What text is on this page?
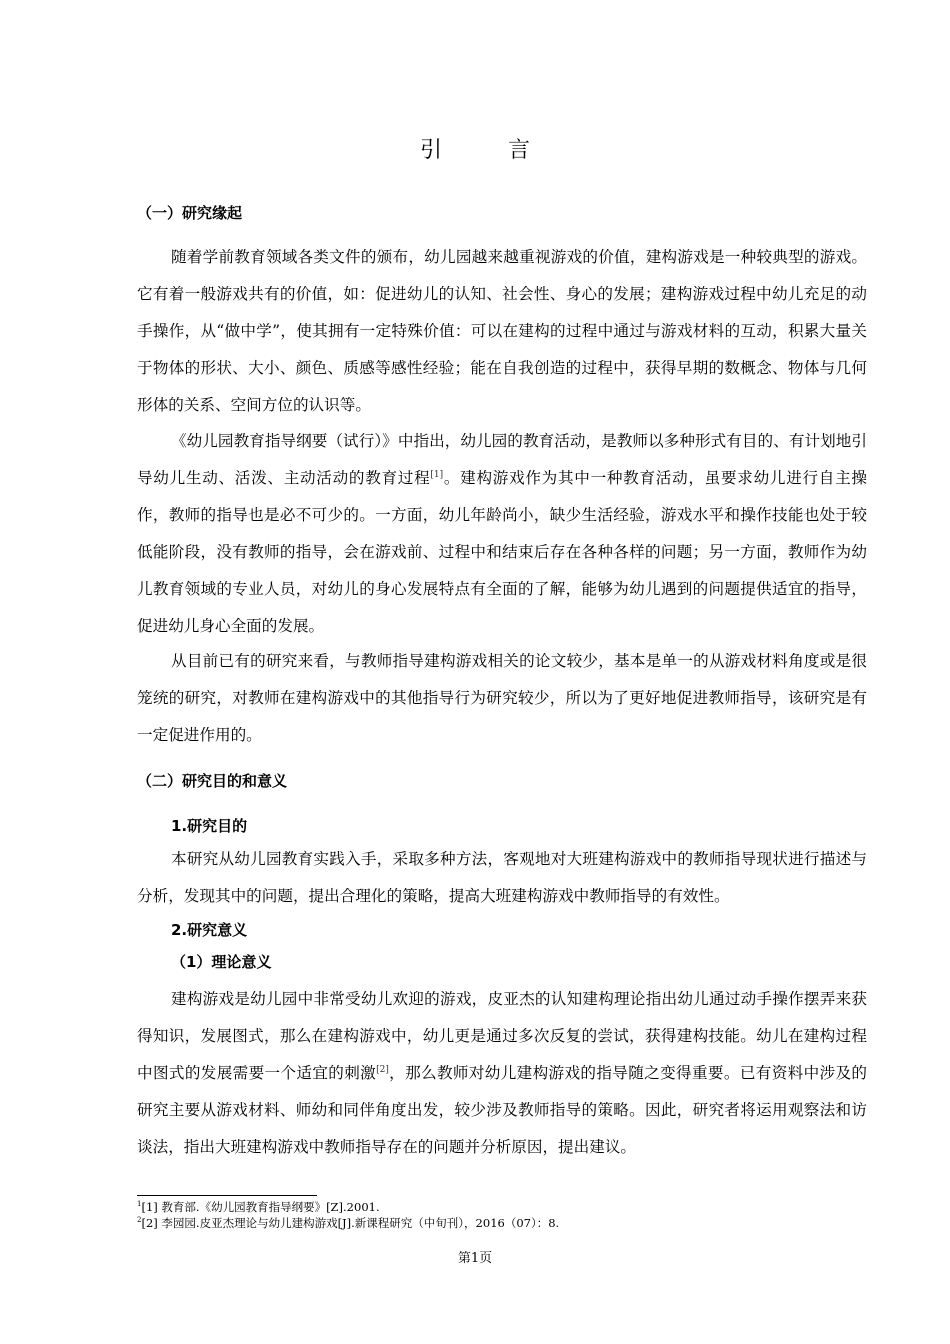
引　言
（一）研究缘起

随着学前教育领域各类文件的颁布，幼儿园越来越重视游戏的价值，建构游戏是一种较典型的游戏。它有着一般游戏共有的价值，如：促进幼儿的认知、社会性、身心的发展；建构游戏过程中幼儿充足的动手操作，从“做中学”，使其拥有一定特殊价值：可以在建构的过程中通过与游戏材料的互动，积累大量关于物体的形状、大小、颜色、质感等感性经验；能在自我创造的过程中，获得早期的数概念、物体与几何形体的关系、空间方位的认识等。

《幼儿园教育指导纲要（试行）》中指出，幼儿园的教育活动，是教师以多种形式有目的、有计划地引导幼儿生动、活泼、主动活动的教育过程[1]。建构游戏作为其中一种教育活动，虽要求幼儿进行自主操作，教师的指导也是必不可少的。一方面，幼儿年龄尚小，缺少生活经验，游戏水平和操作技能也处于较低能阶段，没有教师的指导，会在游戏前、过程中和结束后存在各种各样的问题；另一方面，教师作为幼儿教育领域的专业人员，对幼儿的身心发展特点有全面的了解，能够为幼儿遇到的问题提供适宜的指导，促进幼儿身心全面的发展。

从目前已有的研究来看，与教师指导建构游戏相关的论文较少，基本是单一的从游戏材料角度或是很笼统的研究，对教师在建构游戏中的其他指导行为研究较少，所以为了更好地促进教师指导，该研究是有一定促进作用的。

（二）研究目的和意义
1.研究目的

本研究从幼儿园教育实践入手，采取多种方法，客观地对大班建构游戏中的教师指导现状进行描述与分析，发现其中的问题，提出合理化的策略，提高大班建构游戏中教师指导的有效性。

2.研究意义
（1）理论意义

建构游戏是幼儿园中非常受幼儿欢迎的游戏，皮亚杰的认知建构理论指出幼儿通过动手操作摆弄来获得知识，发展图式，那么在建构游戏中，幼儿更是通过多次反复的尝试，获得建构技能。幼儿在建构过程中图式的发展需要一个适宜的刺激[2]，那么教师对幼儿建构游戏的指导随之变得重要。已有资料中涉及的研究主要从游戏材料、师幼和同伴角度出发，较少涉及教师指导的策略。因此，研究者将运用观察法和访谈法，指出大班建构游戏中教师指导存在的问题并分析原因，提出建议。

$^1$[1] 教育部.《幼儿园教育指导纲要》[Z].2001.
$^2$[2] 李园园.皮亚杰理论与幼儿建构游戏[J].新课程研究（中旬刊），2016（07）：8.
第1页
